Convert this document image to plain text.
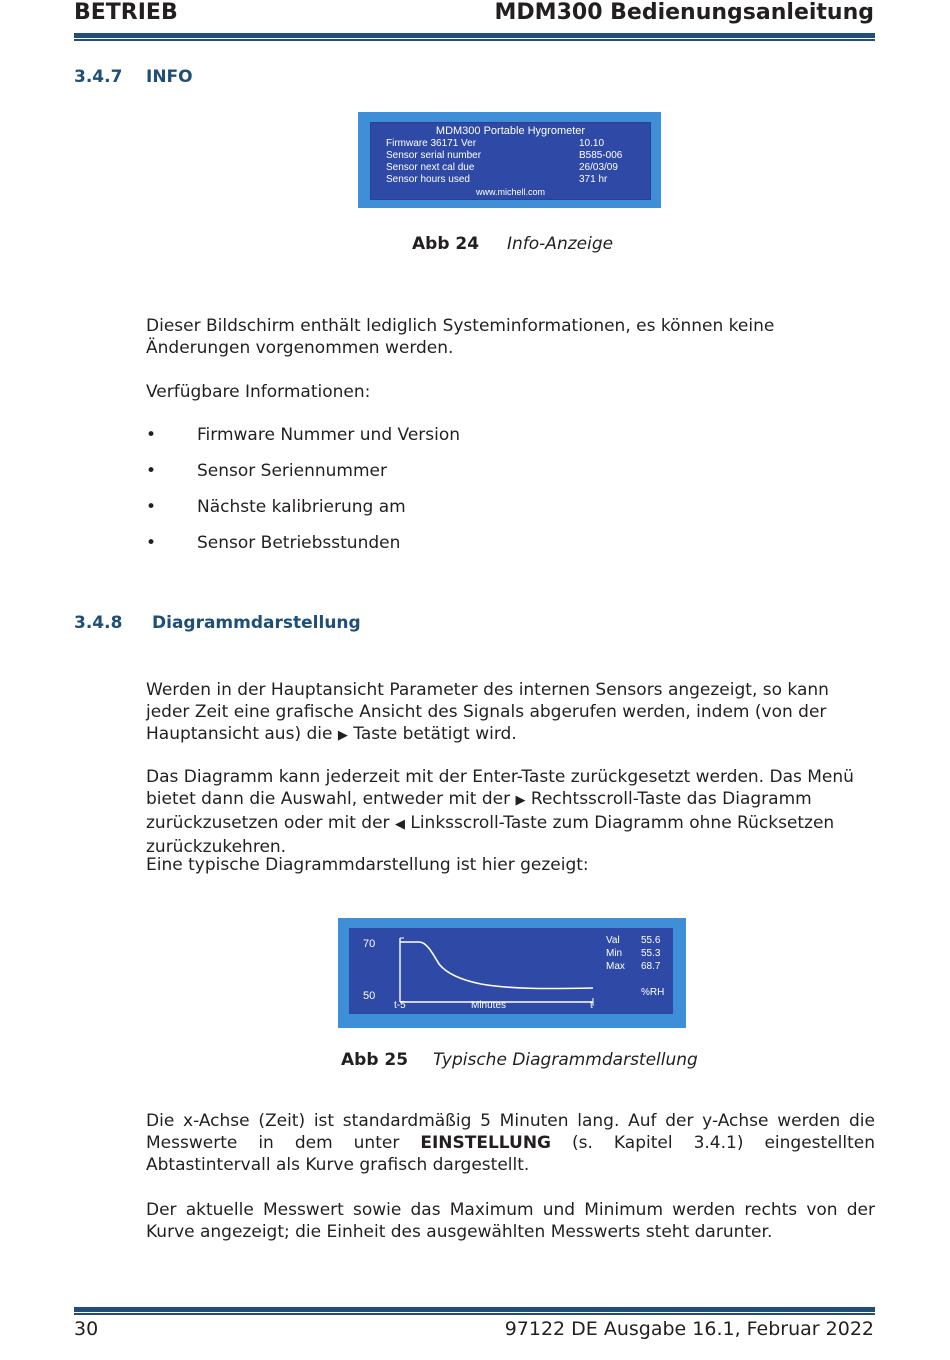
BETRIEB	MDM300 Bedienungsanleitung
3.4.7 INFO
MDM300 Portable Hygrometer
Firmware 36171 Ver	10.10
Sensor serial number	B585-006
Sensor next cal due	26/03/09
Sensor hours used	371 hr
www.michell.com
Abb 24 Info-Anzeige
Dieser Bildschirm enthält lediglich Systeminformationen, es können keine Änderungen vorgenommen werden.
Verfügbare Informationen:
• Firmware Nummer und Version
• Sensor Seriennummer
• Nächste kalibrierung am
• Sensor Betriebsstunden
3.4.8 Diagrammdarstellung
Werden in der Hauptansicht Parameter des internen Sensors angezeigt, so kann jeder Zeit eine grafische Ansicht des Signals abgerufen werden, indem (von der Hauptansicht aus) die ▶ Taste betätigt wird.
Das Diagramm kann jederzeit mit der Enter-Taste zurückgesetzt werden. Das Menü bietet dann die Auswahl, entweder mit der ▶ Rechtsscroll-Taste das Diagramm zurückzusetzen oder mit der ◀ Linksscroll-Taste zum Diagramm ohne Rücksetzen zurückzukehren.
Eine typische Diagrammdarstellung ist hier gezeigt:
70
50
t-5	Minutes	t
Val 55.6
Min 55.3
Max 68.7
%RH
Abb 25 Typische Diagrammdarstellung
Die x-Achse (Zeit) ist standardmäßig 5 Minuten lang. Auf der y-Achse werden die Messwerte in dem unter EINSTELLUNG (s. Kapitel 3.4.1) eingestellten Abtastintervall als Kurve grafisch dargestellt.
Der aktuelle Messwert sowie das Maximum und Minimum werden rechts von der Kurve angezeigt; die Einheit des ausgewählten Messwerts steht darunter.
30	97122 DE Ausgabe 16.1, Februar 2022
